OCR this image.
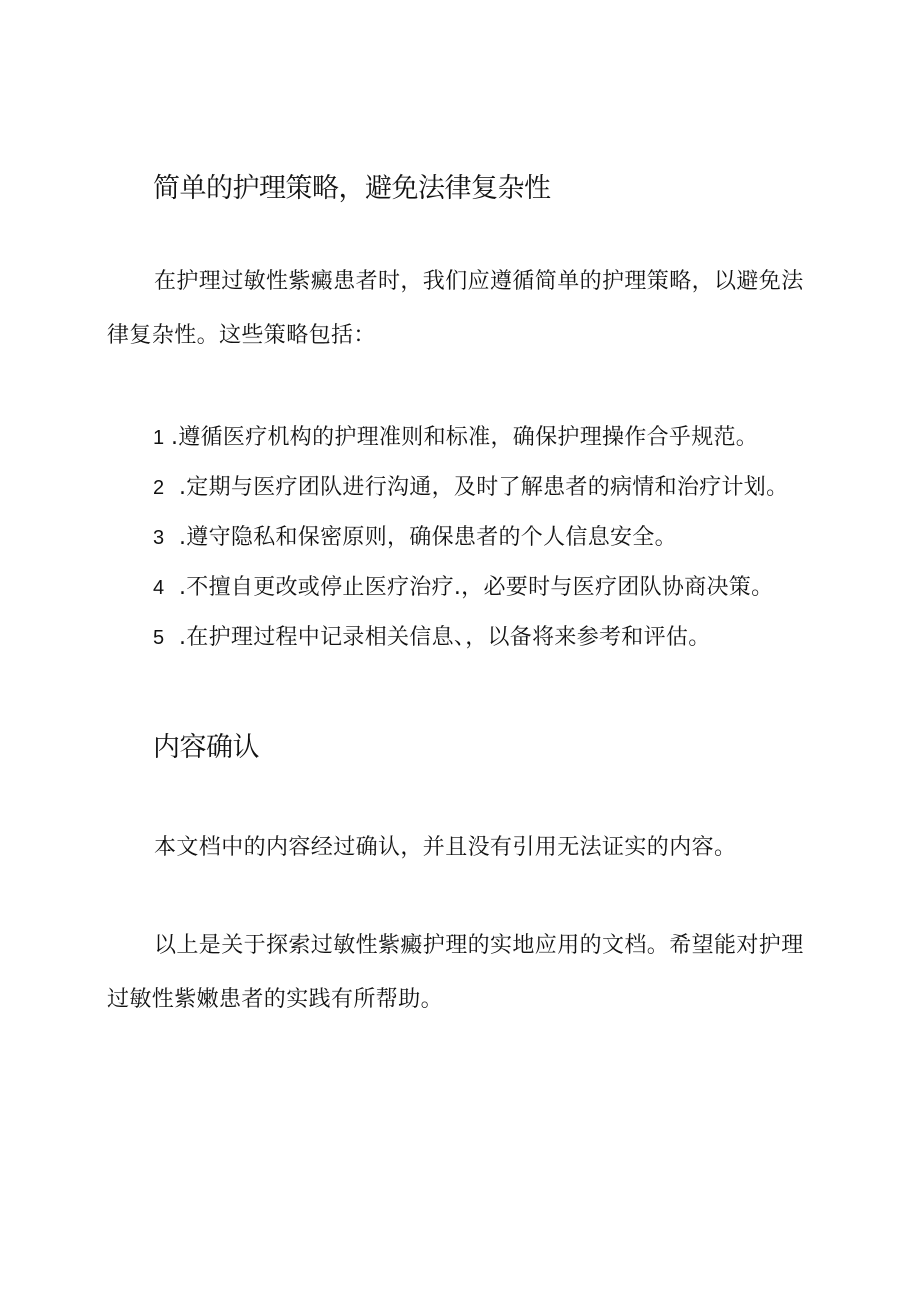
简单的护理策略，避免法律复杂性

在护理过敏性紫癜患者时，我们应遵循简单的护理策略，以避免法律复杂性。这些策略包括：

1 .遵循医疗机构的护理准则和标准，确保护理操作合乎规范。
2 .定期与医疗团队进行沟通，及时了解患者的病情和治疗计划。
3 .遵守隐私和保密原则，确保患者的个人信息安全。
4 .不擅自更改或停止医疗治疗.，必要时与医疗团队协商决策。
5 .在护理过程中记录相关信息、，以备将来参考和评估。
内容确认

本文档中的内容经过确认，并且没有引用无法证实的内容。

以上是关于探索过敏性紫癜护理的实地应用的文档。希望能对护理过敏性紫嫩患者的实践有所帮助。
